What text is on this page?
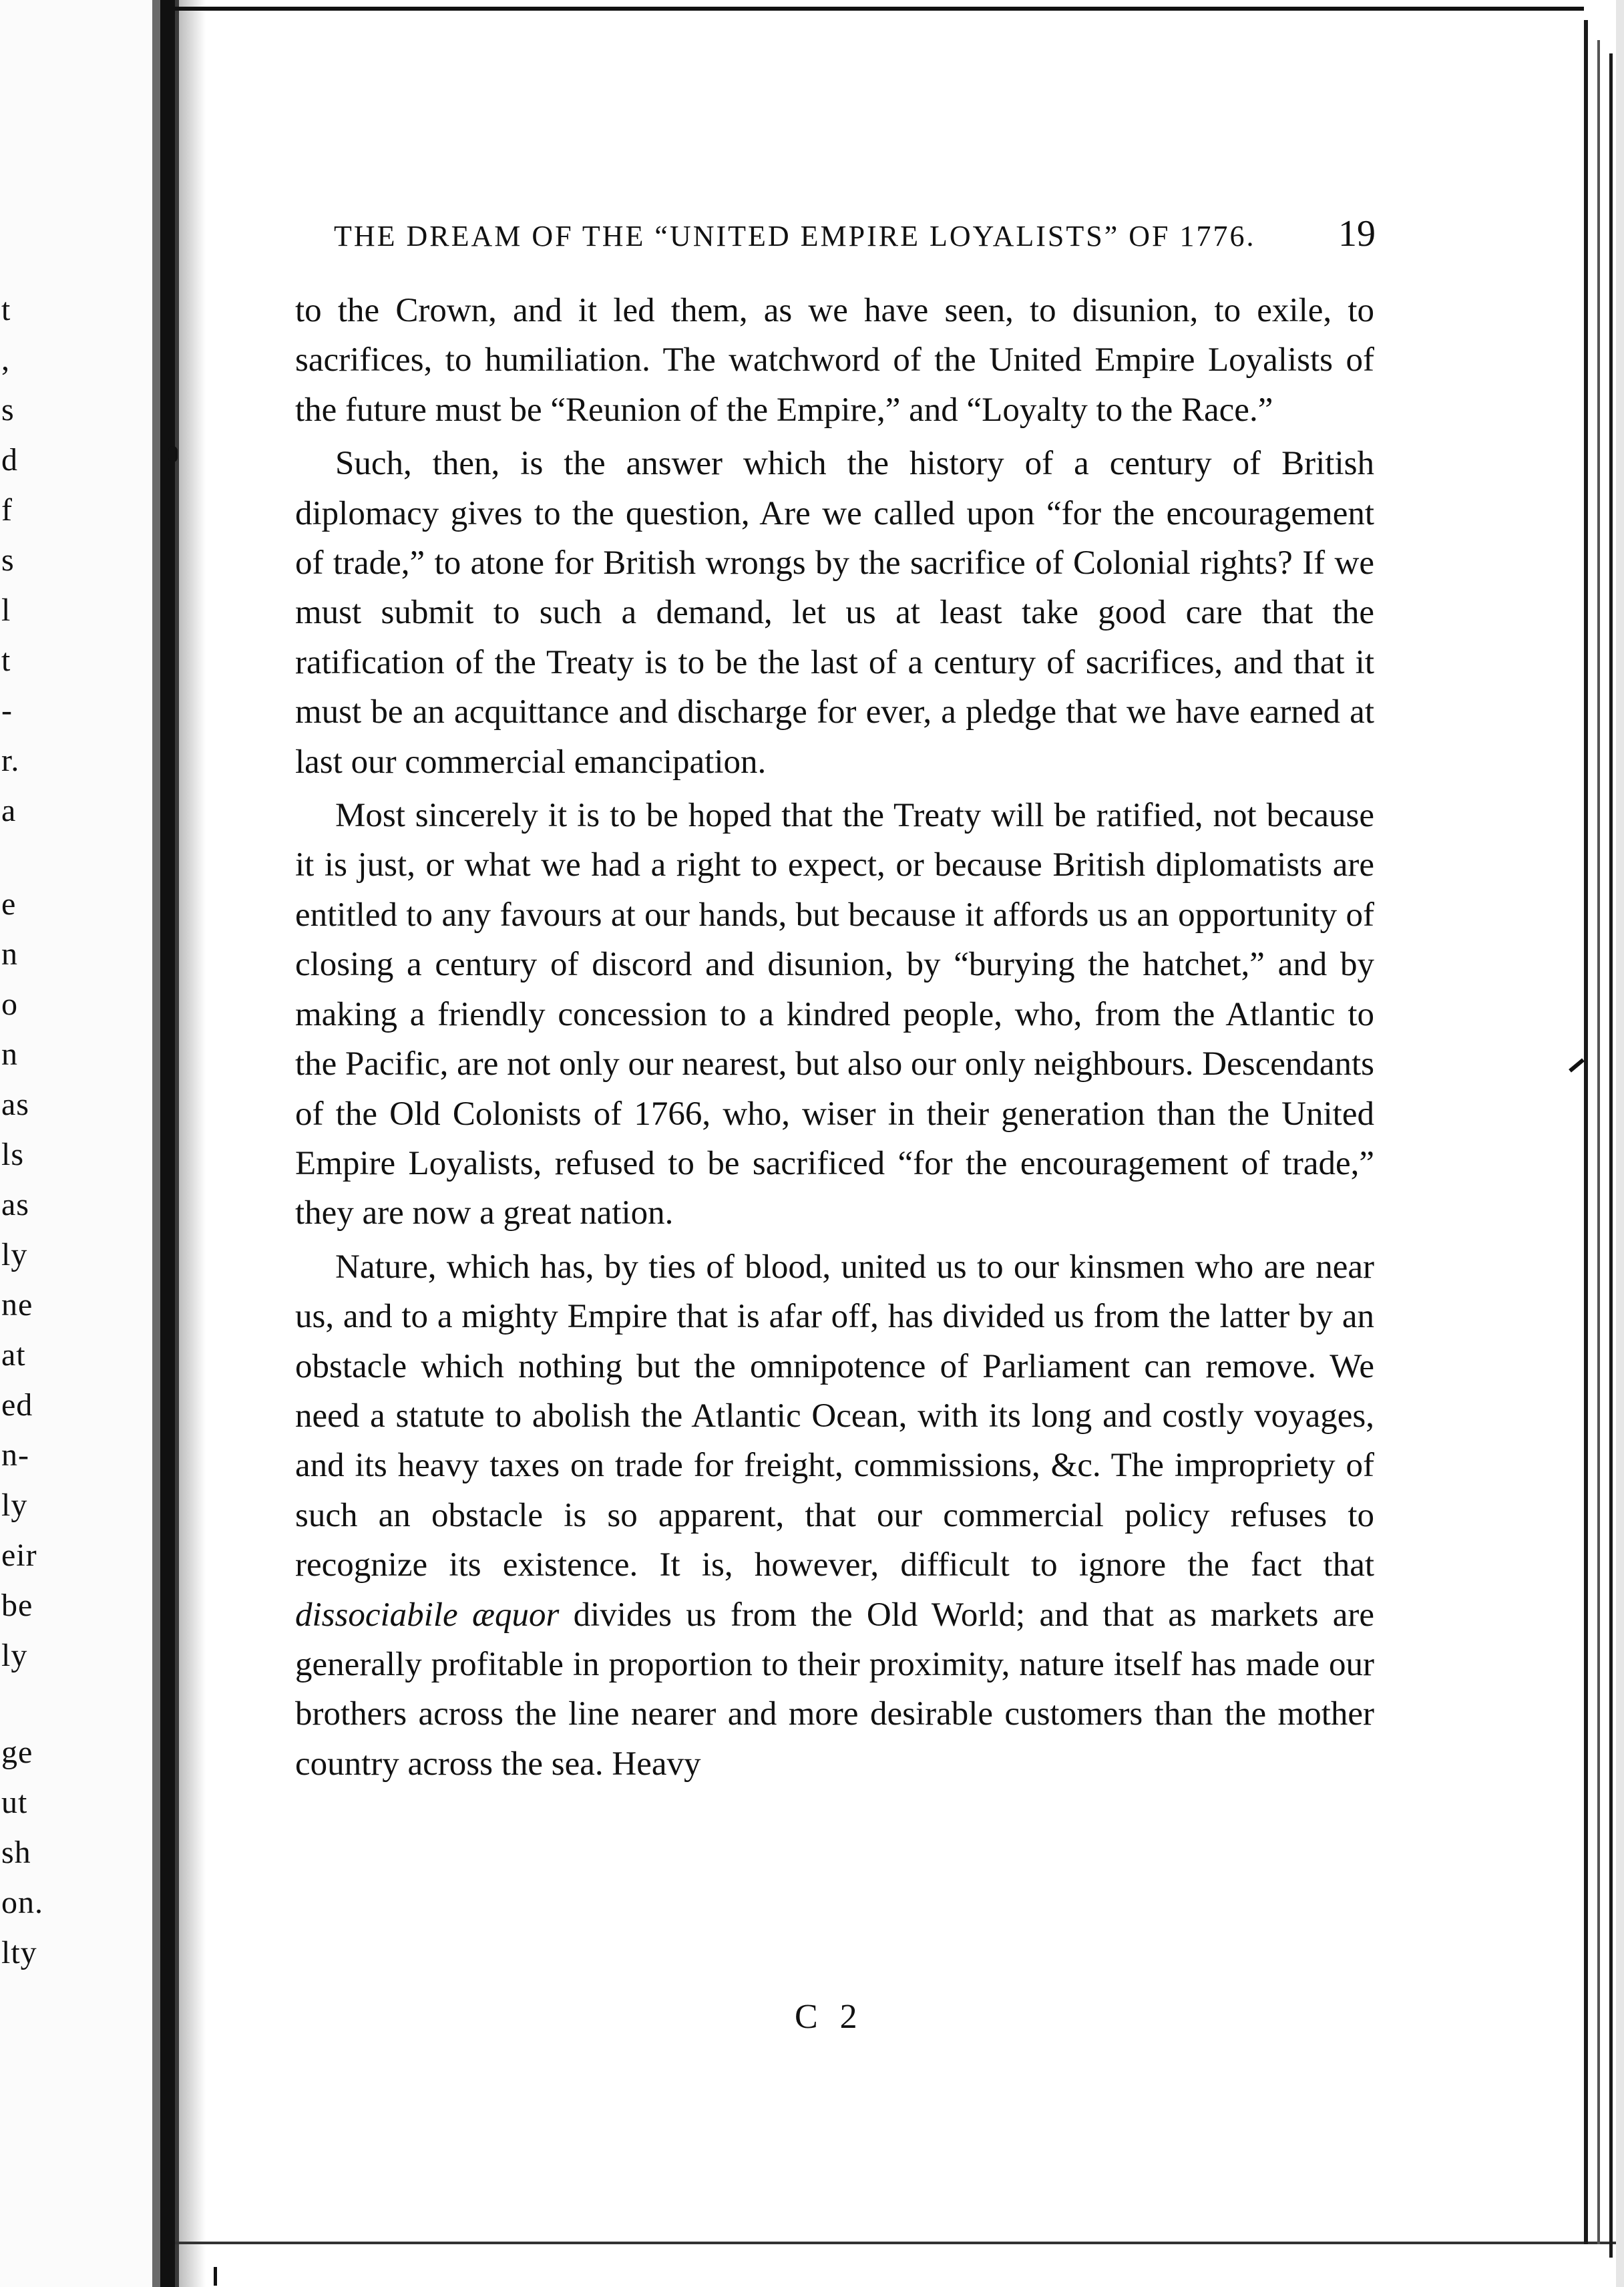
t
,
s
d
f
s
l
t
-
r.
a
e
n
o
n
as
ls
as
ly
ne
at
ed
n-
ly
eir
be
ly
ge
ut
sh
on.
lty
THE DREAM OF THE “UNITED EMPIRE LOYALISTS” OF 1776. 19

to the Crown, and it led them, as we have seen, to disunion, to exile, to sacrifices, to humiliation. The watchword of the United Empire Loyalists of the future must be “Reunion of the Empire,” and “Loyalty to the Race.”

Such, then, is the answer which the history of a century of British diplomacy gives to the question, Are we called upon “for the encouragement of trade,” to atone for British wrongs by the sacrifice of Colonial rights? If we must submit to such a demand, let us at least take good care that the ratification of the Treaty is to be the last of a century of sacrifices, and that it must be an acquittance and discharge for ever, a pledge that we have earned at last our commercial emancipation.

Most sincerely it is to be hoped that the Treaty will be ratified, not because it is just, or what we had a right to expect, or because British diplomatists are entitled to any favours at our hands, but because it affords us an opportunity of closing a century of discord and disunion, by “burying the hatchet,” and by making a friendly concession to a kindred people, who, from the Atlantic to the Pacific, are not only our nearest, but also our only neighbours. Descendants of the Old Colonists of 1766, who, wiser in their generation than the United Empire Loyalists, refused to be sacrificed “for the encouragement of trade,” they are now a great nation.

Nature, which has, by ties of blood, united us to our kinsmen who are near us, and to a mighty Empire that is afar off, has divided us from the latter by an obstacle which nothing but the omnipotence of Parliament can remove. We need a statute to abolish the Atlantic Ocean, with its long and costly voyages, and its heavy taxes on trade for freight, commissions, &c. The impropriety of such an obstacle is so apparent, that our commercial policy refuses to recognize its existence. It is, however, difficult to ignore the fact that dissociabile æquor divides us from the Old World; and that as markets are generally profitable in proportion to their proximity, nature itself has made our brothers across the line nearer and more desirable customers than the mother country across the sea. Heavy

C 2
